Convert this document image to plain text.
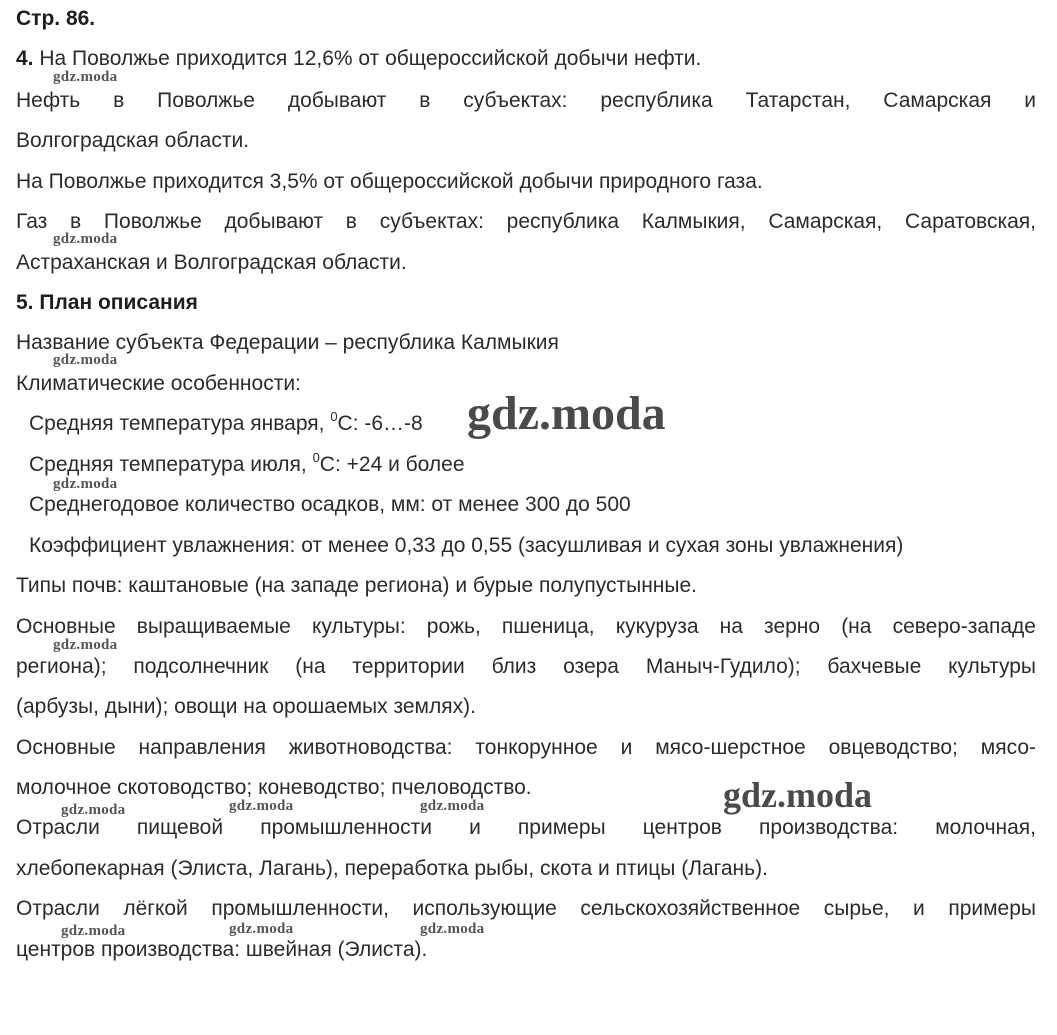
Стр. 86.
4. На Поволжье приходится 12,6% от общероссийской добычи нефти.
Нефть в Поволжье добывают в субъектах: республика Татарстан, Самарская и
Волгоградская области.
На Поволжье приходится 3,5% от общероссийской добычи природного газа.
Газ в Поволжье добывают в субъектах: республика Калмыкия, Самарская, Саратовская,
Астраханская и Волгоградская области.
5. План описания
Название субъекта Федерации – республика Калмыкия
Климатические особенности:
Средняя температура января, $^0$С: -6…-8
Средняя температура июля, $^0$С: +24 и более
Среднегодовое количество осадков, мм: от менее 300 до 500
Коэффициент увлажнения: от менее 0,33 до 0,55 (засушливая и сухая зоны увлажнения)
Типы почв: каштановые (на западе региона) и бурые полупустынные.
Основные выращиваемые культуры: рожь, пшеница, кукуруза на зерно (на северо-западе
региона); подсолнечник (на территории близ озера Маныч-Гудило); бахчевые культуры
(арбузы, дыни); овощи на орошаемых землях).
Основные направления животноводства: тонкорунное и мясо-шерстное овцеводство; мясо-
молочное скотоводство; коневодство; пчеловодство.
Отрасли пищевой промышленности и примеры центров производства: молочная,
хлебопекарная (Элиста, Лагань), переработка рыбы, скота и птицы (Лагань).
Отрасли лёгкой промышленности, использующие сельскохозяйственное сырье, и примеры
центров производства: швейная (Элиста).
gdz.moda
gdz.moda
gdz.moda
gdz.moda
gdz.moda
gdz.moda	gdz.moda	gdz.moda
gdz.moda	gdz.moda	gdz.moda
gdz.moda
gdz.moda
